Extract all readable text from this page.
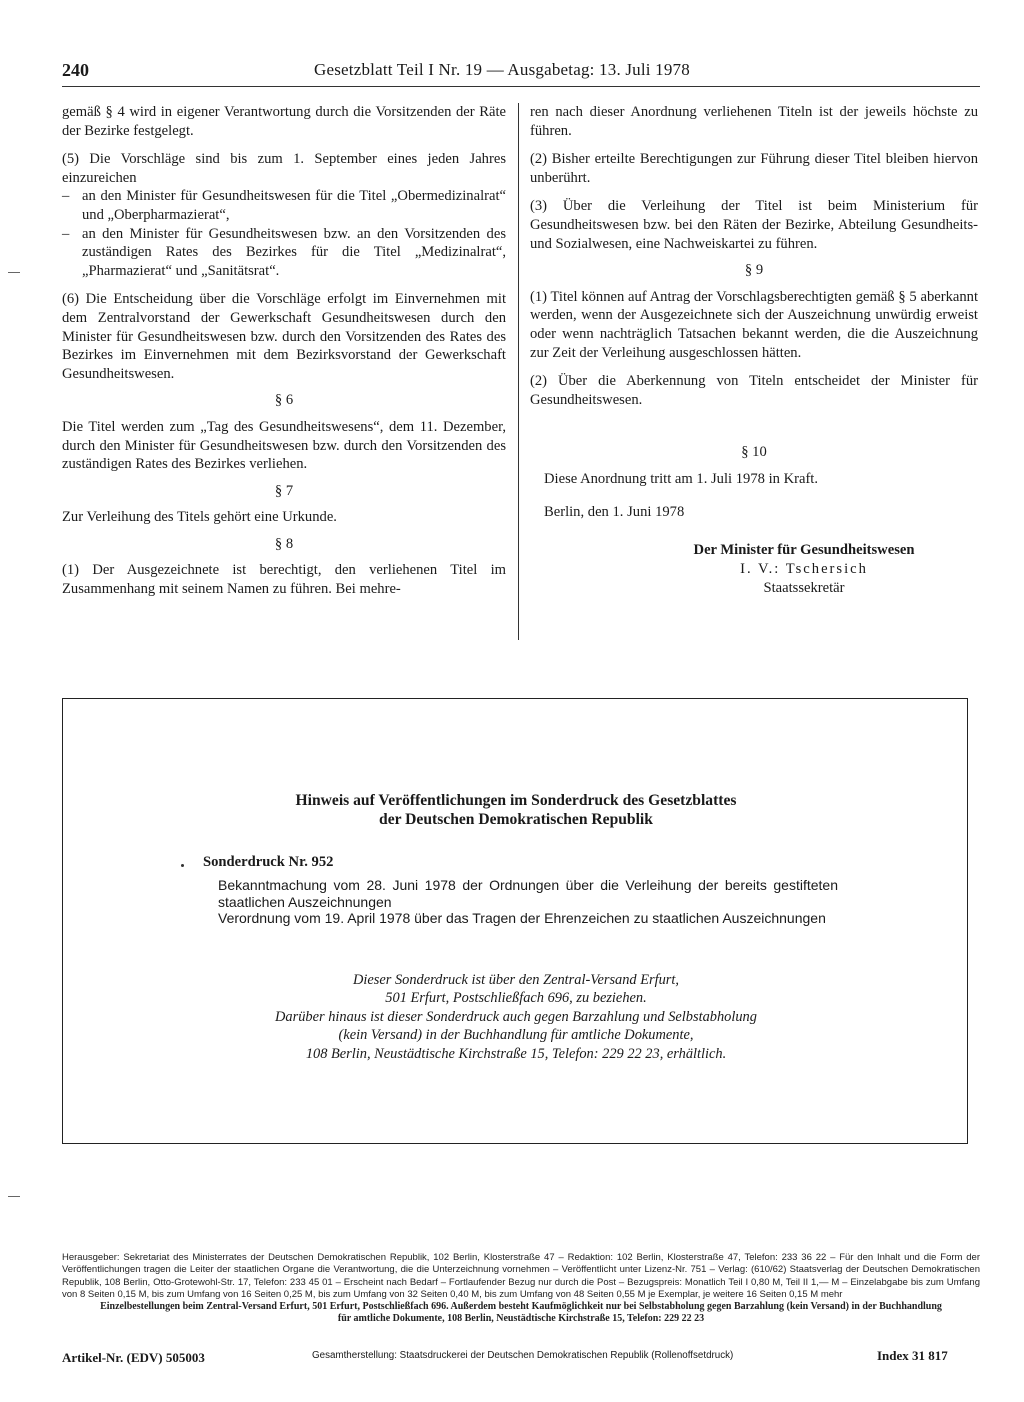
240	Gesetzblatt Teil I Nr. 19 — Ausgabetag: 13. Juli 1978

gemäß § 4 wird in eigener Verantwortung durch die Vorsitzenden der Räte der Bezirke festgelegt.

(5) Die Vorschläge sind bis zum 1. September eines jeden Jahres einzureichen

– an den Minister für Gesundheitswesen für die Titel „Obermedizinalrat“ und „Oberpharmazierat“,
– an den Minister für Gesundheitswesen bzw. an den Vorsitzenden des zuständigen Rates des Bezirkes für die Titel „Medizinalrat“, „Pharmazierat“ und „Sanitätsrat“.

(6) Die Entscheidung über die Vorschläge erfolgt im Einvernehmen mit dem Zentralvorstand der Gewerkschaft Gesundheitswesen durch den Minister für Gesundheitswesen bzw. durch den Vorsitzenden des Rates des Bezirkes im Einvernehmen mit dem Bezirksvorstand der Gewerkschaft Gesundheitswesen.

§ 6

Die Titel werden zum „Tag des Gesundheitswesens“, dem 11. Dezember, durch den Minister für Gesundheitswesen bzw. durch den Vorsitzenden des zuständigen Rates des Bezirkes verliehen.

§ 7

Zur Verleihung des Titels gehört eine Urkunde.

§ 8

(1) Der Ausgezeichnete ist berechtigt, den verliehenen Titel im Zusammenhang mit seinem Namen zu führen. Bei mehre-

ren nach dieser Anordnung verliehenen Titeln ist der jeweils höchste zu führen.

(2) Bisher erteilte Berechtigungen zur Führung dieser Titel bleiben hiervon unberührt.

(3) Über die Verleihung der Titel ist beim Ministerium für Gesundheitswesen bzw. bei den Räten der Bezirke, Abteilung Gesundheits- und Sozialwesen, eine Nachweiskartei zu führen.

§ 9

(1) Titel können auf Antrag der Vorschlagsberechtigten gemäß § 5 aberkannt werden, wenn der Ausgezeichnete sich der Auszeichnung unwürdig erweist oder wenn nachträglich Tatsachen bekannt werden, die die Auszeichnung zur Zeit der Verleihung ausgeschlossen hätten.

(2) Über die Aberkennung von Titeln entscheidet der Minister für Gesundheitswesen.

§ 10

Diese Anordnung tritt am 1. Juli 1978 in Kraft.

Berlin, den 1. Juni 1978

Der Minister für Gesundheitswesen
I. V.: Tschersich
Staatssekretär
Hinweis auf Veröffentlichungen im Sonderdruck des Gesetzblattes
der Deutschen Demokratischen Republik
Sonderdruck Nr. 952

Bekanntmachung vom 28. Juni 1978 der Ordnungen über die Verleihung der bereits gestifteten staatlichen Auszeichnungen

Verordnung vom 19. April 1978 über das Tragen der Ehrenzeichen zu staatlichen Auszeichnungen

Dieser Sonderdruck ist über den Zentral-Versand Erfurt,
501 Erfurt, Postschließfach 696, zu beziehen.
Darüber hinaus ist dieser Sonderdruck auch gegen Barzahlung und Selbstabholung
(kein Versand) in der Buchhandlung für amtliche Dokumente,
108 Berlin, Neustädtische Kirchstraße 15, Telefon: 229 22 23, erhältlich.

Herausgeber: Sekretariat des Ministerrates der Deutschen Demokratischen Republik, 102 Berlin, Klosterstraße 47 – Redaktion: 102 Berlin, Klosterstraße 47, Telefon: 233 36 22 – Für den Inhalt und die Form der Veröffentlichungen tragen die Leiter der staatlichen Organe die Verantwortung, die die Unterzeichnung vornehmen – Veröffentlicht unter Lizenz-Nr. 751 – Verlag: (610/62) Staatsverlag der Deutschen Demokratischen Republik, 108 Berlin, Otto-Grotewohl-Str. 17, Telefon: 233 45 01 – Erscheint nach Bedarf – Fortlaufender Bezug nur durch die Post – Bezugspreis: Monatlich Teil I 0,80 M, Teil II 1,— M – Einzelabgabe bis zum Umfang von 8 Seiten 0,15 M, bis zum Umfang von 16 Seiten 0,25 M, bis zum Umfang von 32 Seiten 0,40 M, bis zum Umfang von 48 Seiten 0,55 M je Exemplar, je weitere 16 Seiten 0,15 M mehr

Einzelbestellungen beim Zentral-Versand Erfurt, 501 Erfurt, Postschließfach 696. Außerdem besteht Kaufmöglichkeit nur bei Selbstabholung gegen Barzahlung (kein Versand) in der Buchhandlung

für amtliche Dokumente, 108 Berlin, Neustädtische Kirchstraße 15, Telefon: 229 22 23

Artikel-Nr. (EDV) 505003	Gesamtherstellung: Staatsdruckerei der Deutschen Demokratischen Republik (Rollenoffsetdruck)	Index 31 817
